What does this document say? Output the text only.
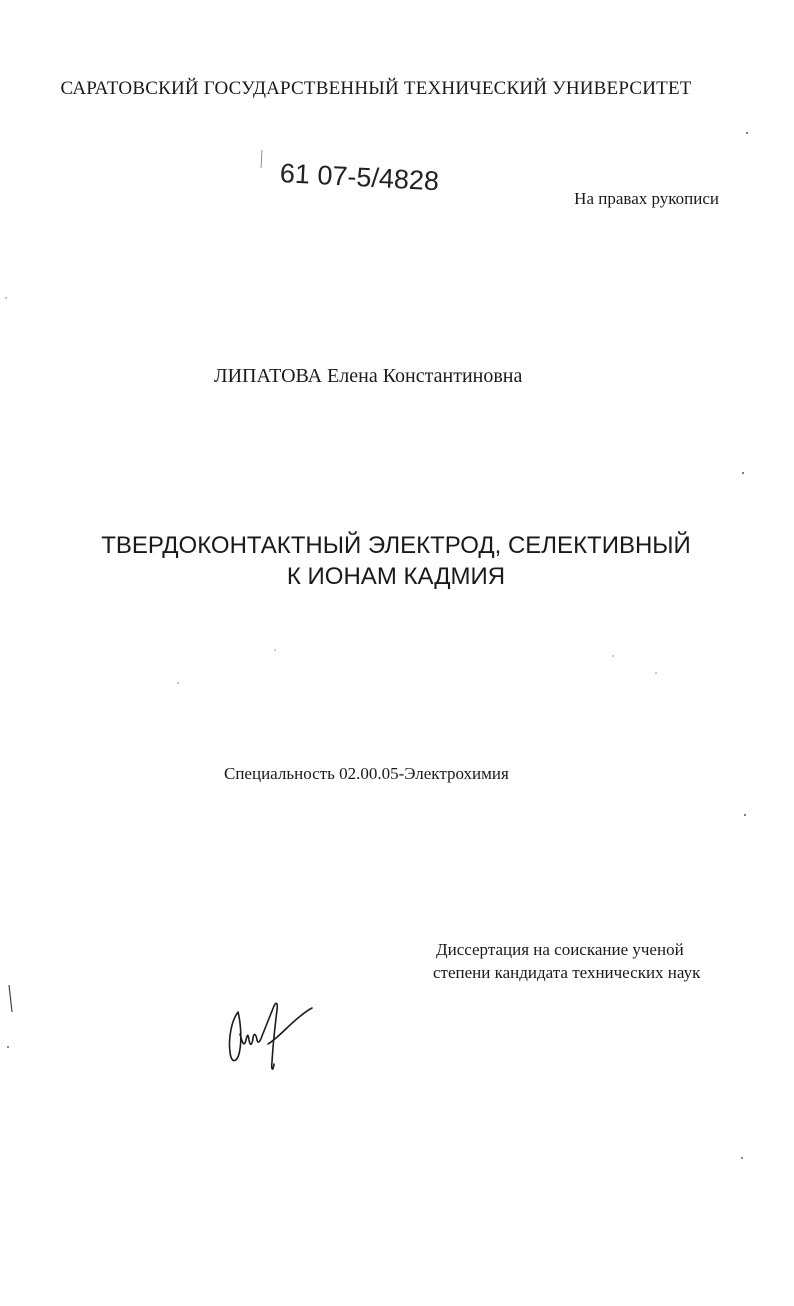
САРАТОВСКИЙ ГОСУДАРСТВЕННЫЙ ТЕХНИЧЕСКИЙ УНИВЕРСИТЕТ
61 07-5/4828
На правах рукописи
ЛИПАТОВА Елена Константиновна
ТВЕРДОКОНТАКТНЫЙ ЭЛЕКТРОД, СЕЛЕКТИВНЫЙ
К ИОНАМ КАДМИЯ
Специальность 02.00.05-Электрохимия
Диссертация на соискание ученой
степени кандидата технических наук
